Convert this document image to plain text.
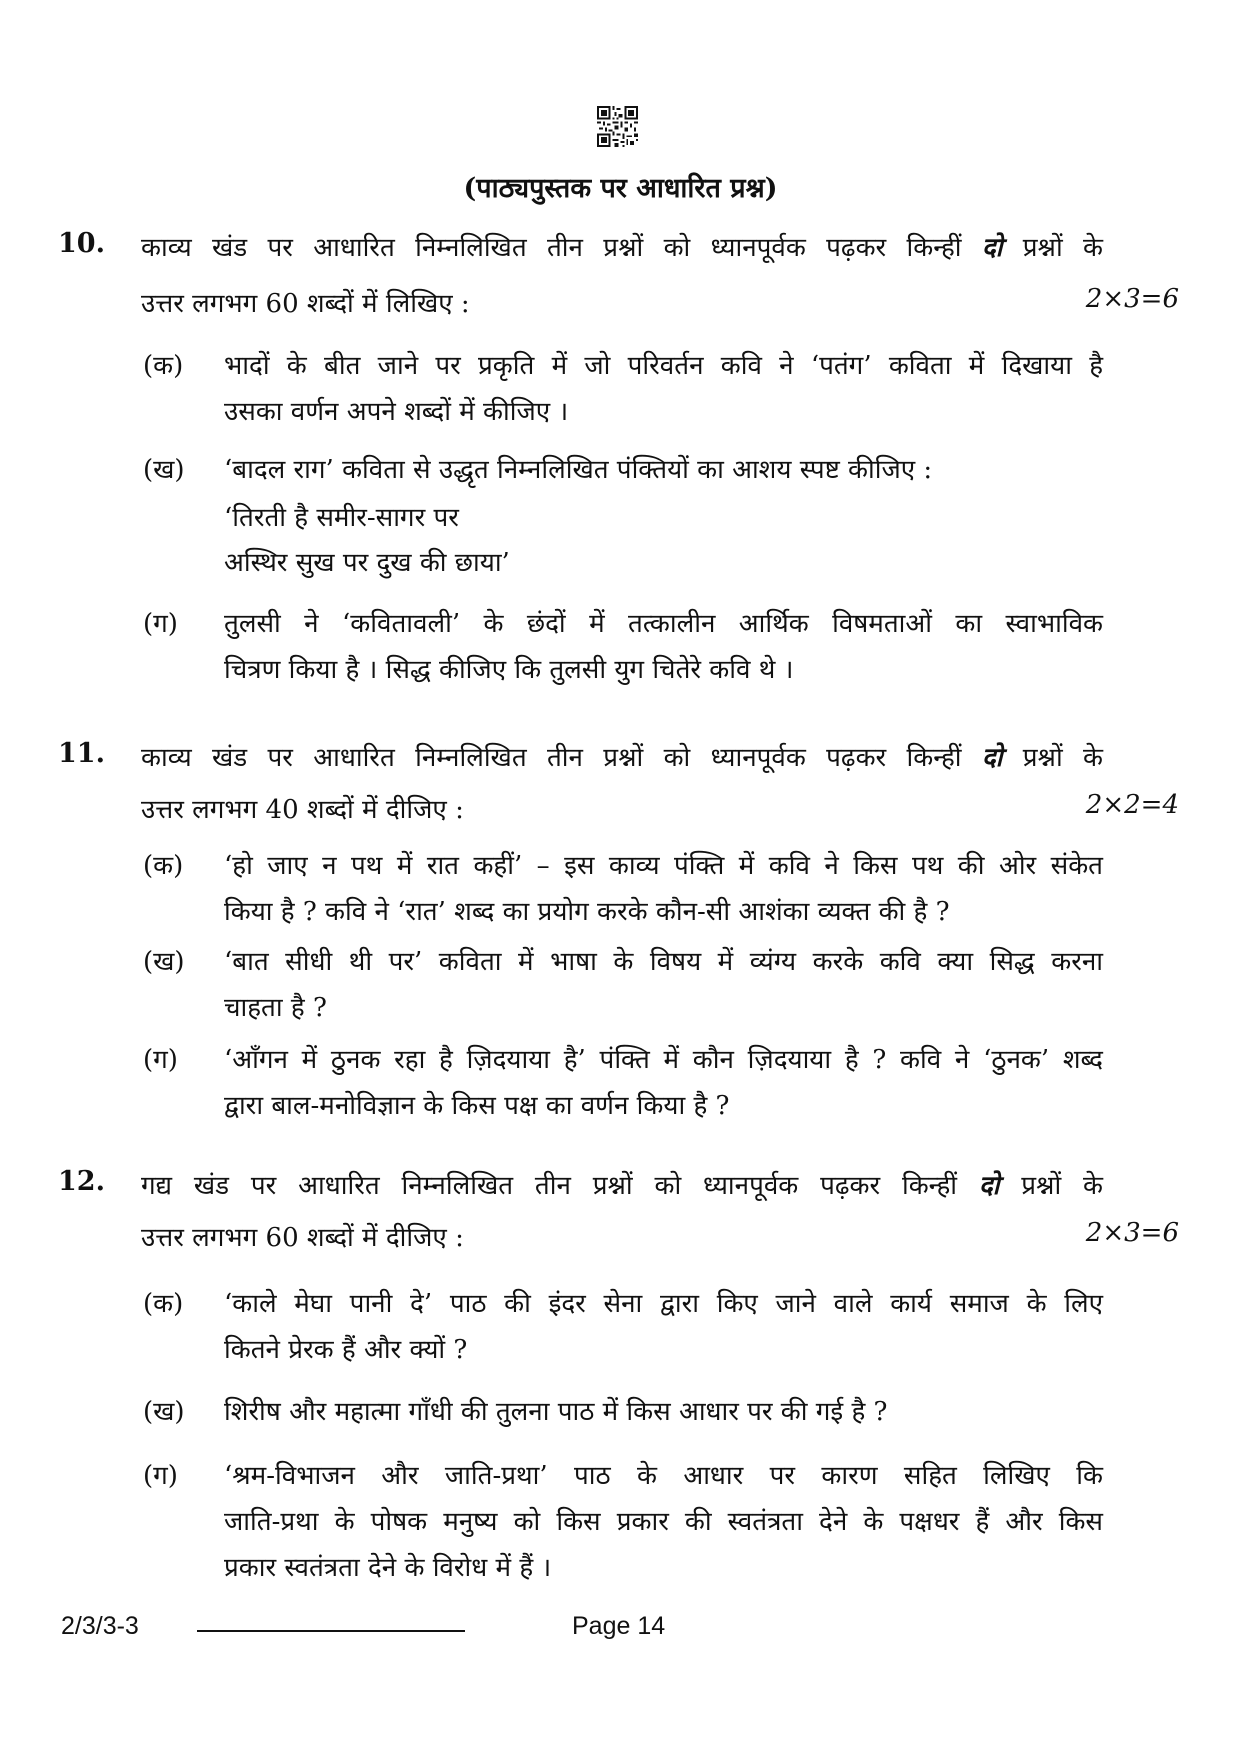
(पाठ्यपुस्तक पर आधारित प्रश्न)
10. काव्य खंड पर आधारित निम्नलिखित तीन प्रश्नों को ध्यानपूर्वक पढ़कर किन्हीं दो प्रश्नों के
उत्तर लगभग 60 शब्दों में लिखिए :	2×3=6
(क) भादों के बीत जाने पर प्रकृति में जो परिवर्तन कवि ने ‘पतंग’ कविता में दिखाया है
उसका वर्णन अपने शब्दों में कीजिए ।
(ख) ‘बादल राग’ कविता से उद्धृत निम्नलिखित पंक्तियों का आशय स्पष्ट कीजिए :
‘तिरती है समीर-सागर पर
अस्थिर सुख पर दुख की छाया’
(ग) तुलसी ने ‘कवितावली’ के छंदों में तत्कालीन आर्थिक विषमताओं का स्वाभाविक
चित्रण किया है । सिद्ध कीजिए कि तुलसी युग चितेरे कवि थे ।
11. काव्य खंड पर आधारित निम्नलिखित तीन प्रश्नों को ध्यानपूर्वक पढ़कर किन्हीं दो प्रश्नों के
उत्तर लगभग 40 शब्दों में दीजिए :	2×2=4
(क) ‘हो जाए न पथ में रात कहीं’ – इस काव्य पंक्ति में कवि ने किस पथ की ओर संकेत
किया है ? कवि ने ‘रात’ शब्द का प्रयोग करके कौन-सी आशंका व्यक्त की है ?
(ख) ‘बात सीधी थी पर’ कविता में भाषा के विषय में व्यंग्य करके कवि क्या सिद्ध करना
चाहता है ?
(ग) ‘आँगन में ठुनक रहा है ज़िदयाया है’ पंक्ति में कौन ज़िदयाया है ? कवि ने ‘ठुनक’ शब्द
द्वारा बाल-मनोविज्ञान के किस पक्ष का वर्णन किया है ?
12. गद्य खंड पर आधारित निम्नलिखित तीन प्रश्नों को ध्यानपूर्वक पढ़कर किन्हीं दो प्रश्नों के
उत्तर लगभग 60 शब्दों में दीजिए :	2×3=6
(क) ‘काले मेघा पानी दे’ पाठ की इंदर सेना द्वारा किए जाने वाले कार्य समाज के लिए
कितने प्रेरक हैं और क्यों ?
(ख) शिरीष और महात्मा गाँधी की तुलना पाठ में किस आधार पर की गई है ?
(ग) ‘श्रम-विभाजन और जाति-प्रथा’ पाठ के आधार पर कारण सहित लिखिए कि
जाति-प्रथा के पोषक मनुष्य को किस प्रकार की स्वतंत्रता देने के पक्षधर हैं और किस
प्रकार स्वतंत्रता देने के विरोध में हैं ।
2/3/3-3	Page 14
